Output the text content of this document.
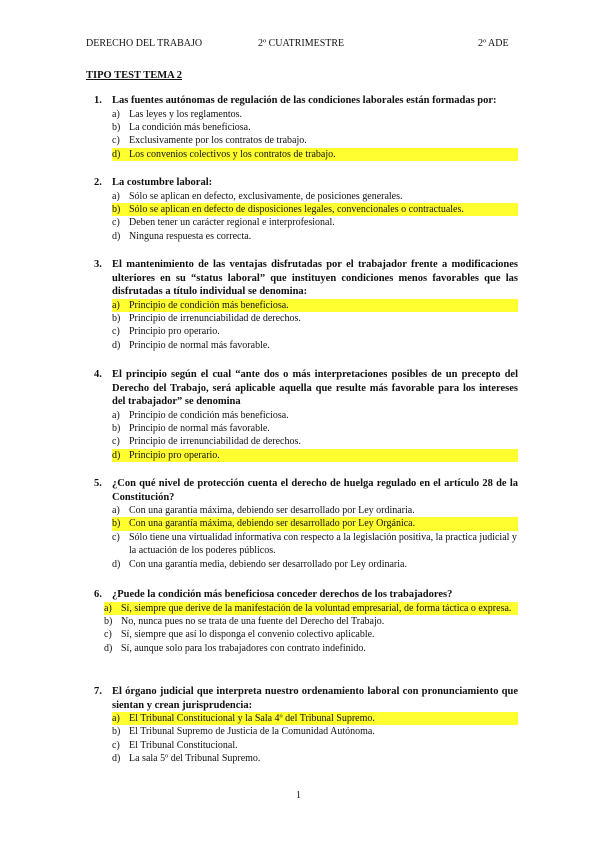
DERECHO DEL TRABAJO	2º CUATRIMESTRE	2º ADE
TIPO TEST TEMA 2
1. Las fuentes autónomas de regulación de las condiciones laborales están formadas por:
a) Las leyes y los reglamentos.
b) La condición más beneficiosa.
c) Exclusivamente por los contratos de trabajo.
d) Los convenios colectivos y los contratos de trabajo.
2. La costumbre laboral:
a) Sólo se aplican en defecto, exclusivamente, de posiciones generales.
b) Sólo se aplican en defecto de disposiciones legales, convencionales o contractuales.
c) Deben tener un carácter regional e interprofesional.
d) Ninguna respuesta es correcta.
3. El mantenimiento de las ventajas disfrutadas por el trabajador frente a modificaciones ulteriores en su “status laboral” que instituyen condiciones menos favorables que las disfrutadas a título individual se denomina:
a) Principio de condición más beneficiosa.
b) Principio de irrenunciabilidad de derechos.
c) Principio pro operario.
d) Principio de normal más favorable.
4. El principio según el cual “ante dos o más interpretaciones posibles de un precepto del Derecho del Trabajo, será aplicable aquella que resulte más favorable para los intereses del trabajador” se denomina
a) Principio de condición más beneficiosa.
b) Principio de normal más favorable.
c) Principio de irrenunciabilidad de derechos.
d) Principio pro operario.
5. ¿Con qué nivel de protección cuenta el derecho de huelga regulado en el artículo 28 de la Constitución?
a) Con una garantía máxima, debiendo ser desarrollado por Ley ordinaria.
b) Con una garantía máxima, debiendo ser desarrollado por Ley Orgánica.
c) Sólo tiene una virtualidad informativa con respecto a la legislación positiva, la practica judicial y la actuación de los poderes públicos.
d) Con una garantía media, debiendo ser desarrollado por Ley ordinaria.
6. ¿Puede la condición más beneficiosa conceder derechos de los trabajadores?
a) Sí, siempre que derive de la manifestación de la voluntad empresarial, de forma táctica o expresa.
b) No, nunca pues no se trata de una fuente del Derecho del Trabajo.
c) Sí, siempre que así lo disponga el convenio colectivo aplicable.
d) Sí, aunque solo para los trabajadores con contrato indefinido.
7. El órgano judicial que interpreta nuestro ordenamiento laboral con pronunciamiento que sientan y crean jurisprudencia:
a) El Tribunal Constitucional y la Sala 4º del Tribunal Supremo.
b) El Tribunal Supremo de Justicia de la Comunidad Autónoma.
c) El Tribunal Constitucional.
d) La sala 5º del Tribunal Supremo.
1
